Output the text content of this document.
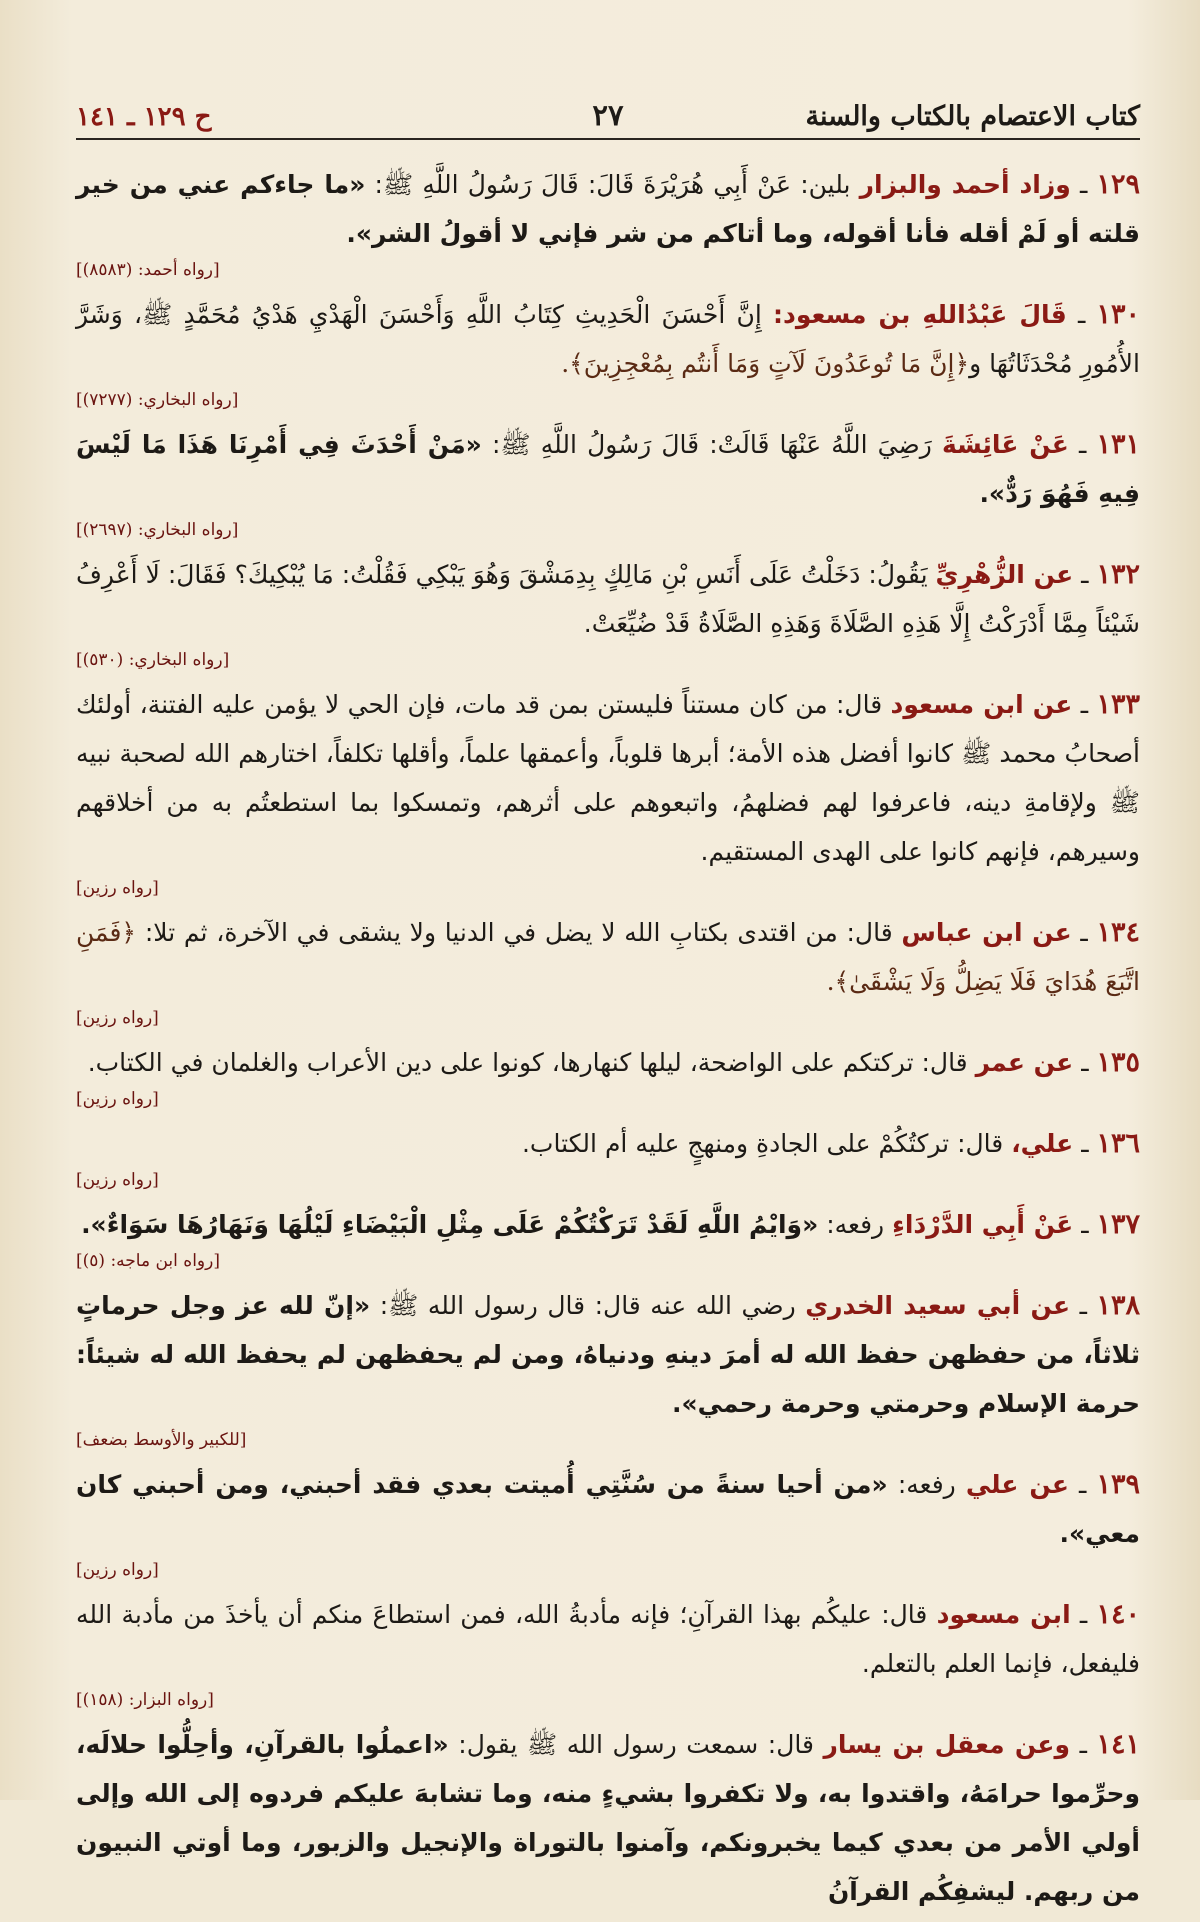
كتاب الاعتصام بالكتاب والسنة
٢٧
ح ١٢٩ ـ ١٤١

١٢٩ ـ وزاد أحمد والبزار بلين: عَنْ أَبِي هُرَيْرَةَ قَالَ: قَالَ رَسُولُ اللَّهِ ﷺ: «ما جاءكم عني من خير قلته أو لَمْ أقله فأنا أقوله، وما أتاكم من شر فإني لا أقولُ الشر».

[رواه أحمد: (٨٥٨٣)]

١٣٠ ـ قَالَ عَبْدُاللهِ بن مسعود: إِنَّ أَحْسَنَ الْحَدِيثِ كِتَابُ اللَّهِ وَأَحْسَنَ الْهَدْيِ هَدْيُ مُحَمَّدٍ ﷺ، وَشَرَّ الأُمُورِ مُحْدَثَاتُهَا و﴿إِنَّ مَا تُوعَدُونَ لَآتٍ وَمَا أَنتُم بِمُعْجِزِينَ﴾.

[رواه البخاري: (٧٢٧٧)]

١٣١ ـ عَنْ عَائِشَةَ رَضِيَ اللَّهُ عَنْهَا قَالَتْ: قَالَ رَسُولُ اللَّهِ ﷺ: «مَنْ أَحْدَثَ فِي أَمْرِنَا هَذَا مَا لَيْسَ فِيهِ فَهُوَ رَدٌّ».

[رواه البخاري: (٢٦٩٧)]

١٣٢ ـ عن الزُّهْرِيِّ يَقُولُ: دَخَلْتُ عَلَى أَنَسِ بْنِ مَالِكٍ بِدِمَشْقَ وَهُوَ يَبْكِي فَقُلْتُ: مَا يُبْكِيكَ؟ فَقَالَ: لَا أَعْرِفُ شَيْئاً مِمَّا أَدْرَكْتُ إِلَّا هَذِهِ الصَّلَاةَ وَهَذِهِ الصَّلَاةُ قَدْ ضُيِّعَتْ.

[رواه البخاري: (٥٣٠)]

١٣٣ ـ عن ابن مسعود قال: من كان مستناً فليستن بمن قد مات، فإن الحي لا يؤمن عليه الفتنة، أولئك أصحابُ محمد ﷺ كانوا أفضل هذه الأمة؛ أبرها قلوباً، وأعمقها علماً، وأقلها تكلفاً، اختارهم الله لصحبة نبيه ﷺ ولإقامةِ دينه، فاعرفوا لهم فضلهمُ، واتبعوهم على أثرهم، وتمسكوا بما استطعتُم به من أخلاقهم وسيرهم، فإنهم كانوا على الهدى المستقيم.

[رواه رزين]

١٣٤ ـ عن ابن عباس قال: من اقتدى بكتابِ الله لا يضل في الدنيا ولا يشقى في الآخرة، ثم تلا: ﴿فَمَنِ اتَّبَعَ هُدَايَ فَلَا يَضِلُّ وَلَا يَشْقَىٰ﴾.

[رواه رزين]

١٣٥ ـ عن عمر قال: تركتكم على الواضحة، ليلها كنهارها، كونوا على دين الأعراب والغلمان في الكتاب.

[رواه رزين]

١٣٦ ـ علي، قال: تركتُكُمْ على الجادةِ ومنهجٍ عليه أم الكتاب.

[رواه رزين]

١٣٧ ـ عَنْ أَبِي الدَّرْدَاءِ رفعه: «وَايْمُ اللَّهِ لَقَدْ تَرَكْتُكُمْ عَلَى مِثْلِ الْبَيْضَاءِ لَيْلُهَا وَنَهَارُهَا سَوَاءٌ».

[رواه ابن ماجه: (٥)]

١٣٨ ـ عن أبي سعيد الخدري رضي الله عنه قال: قال رسول الله ﷺ: «إنّ لله عز وجل حرماتٍ ثلاثاً، من حفظهن حفظ الله له أمرَ دينهِ ودنياهُ، ومن لم يحفظهن لم يحفظ الله له شيئاً: حرمة الإسلام وحرمتي وحرمة رحمي».

[للكبير والأوسط بضعف]

١٣٩ ـ عن علي رفعه: «من أحيا سنةً من سُنَّتِي أُميتت بعدي فقد أحبني، ومن أحبني كان معي».

[رواه رزين]

١٤٠ ـ ابن مسعود قال: عليكُم بهذا القرآنِ؛ فإنه مأدبةُ الله، فمن استطاعَ منكم أن يأخذَ من مأدبة الله فليفعل، فإنما العلم بالتعلم.

[رواه البزار: (١٥٨)]

١٤١ ـ وعن معقل بن يسار قال: سمعت رسول الله ﷺ يقول: «اعملُوا بالقرآنِ، وأحِلُّوا حلالَه، وحرِّموا حرامَهُ، واقتدوا به، ولا تكفروا بشيءٍ منه، وما تشابهَ عليكم فردوه إلى الله وإلى أولي الأمر من بعدي كيما يخبرونكم، وآمنوا بالتوراة والإنجيل والزبور، وما أوتي النبيون من ربهم. ليشفِكُم القرآنُ
